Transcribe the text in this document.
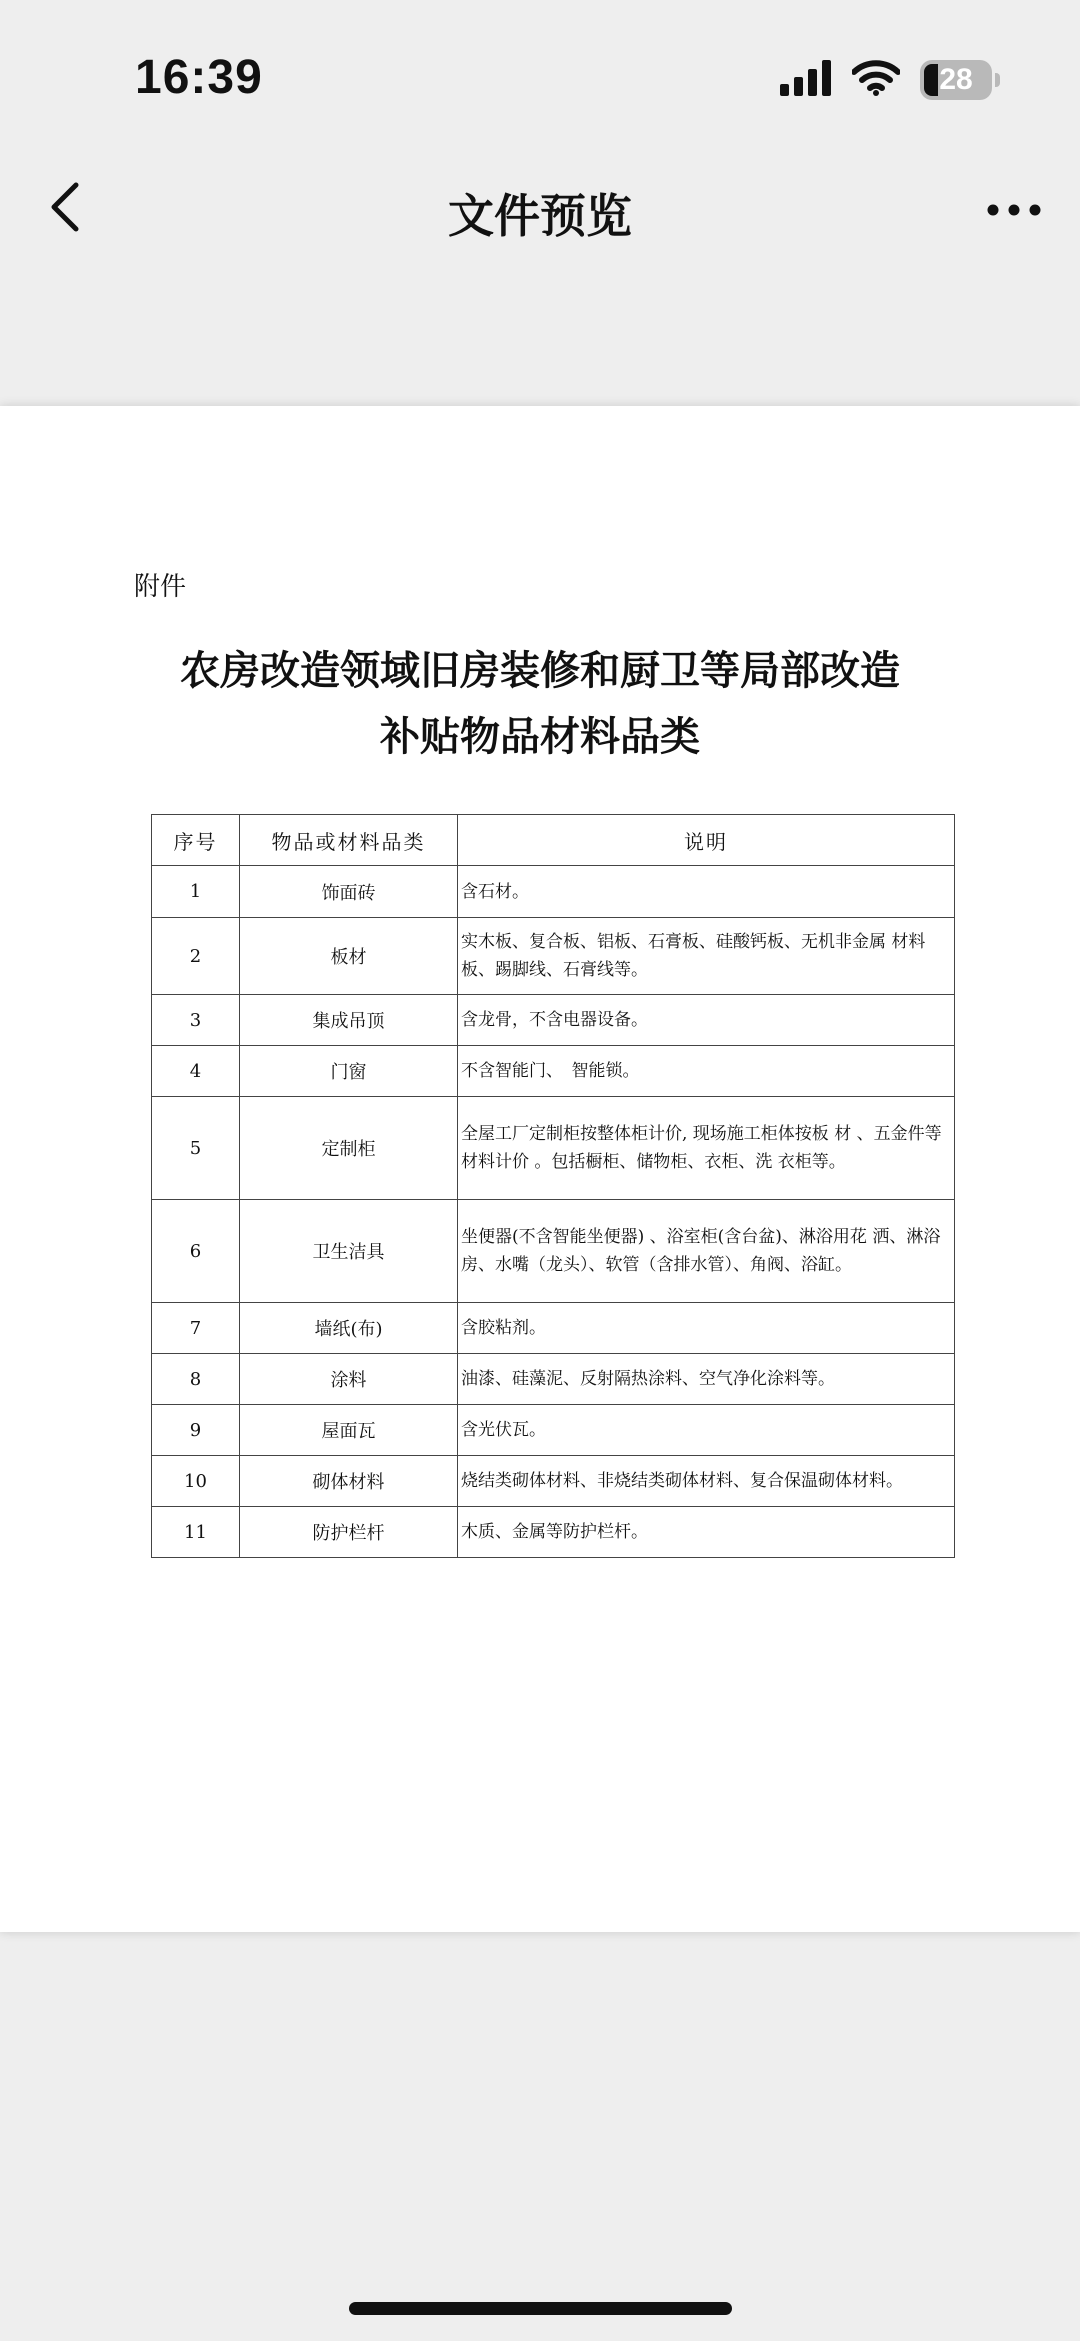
16:39	28
文件预览
附件
农房改造领域旧房装修和厨卫等局部改造
补贴物品材料品类
序号	物品或材料品类	说明
1	饰面砖	含石材。
2	板材	实木板、复合板、铝板、石膏板、硅酸钙板、无机非金属 材料板、踢脚线、石膏线等。
3	集成吊顶	含龙骨，不含电器设备。
4	门窗	不含智能门、　智能锁。
5	定制柜	全屋工厂定制柜按整体柜计价, 现场施工柜体按板 材 、五金件等材料计价 。包括橱柜、储物柜、衣柜、洗 衣柜等。
6	卫生洁具	坐便器(不含智能坐便器) 、浴室柜(含台盆)、淋浴用花 洒、淋浴房、水嘴（龙头）、软管（含排水管）、角阀、浴缸。
7	墙纸(布)	含胶粘剂。
8	涂料	油漆、硅藻泥、反射隔热涂料、空气净化涂料等。
9	屋面瓦	含光伏瓦。
10	砌体材料	烧结类砌体材料、非烧结类砌体材料、复合保温砌体材料。
11	防护栏杆	木质、金属等防护栏杆。
